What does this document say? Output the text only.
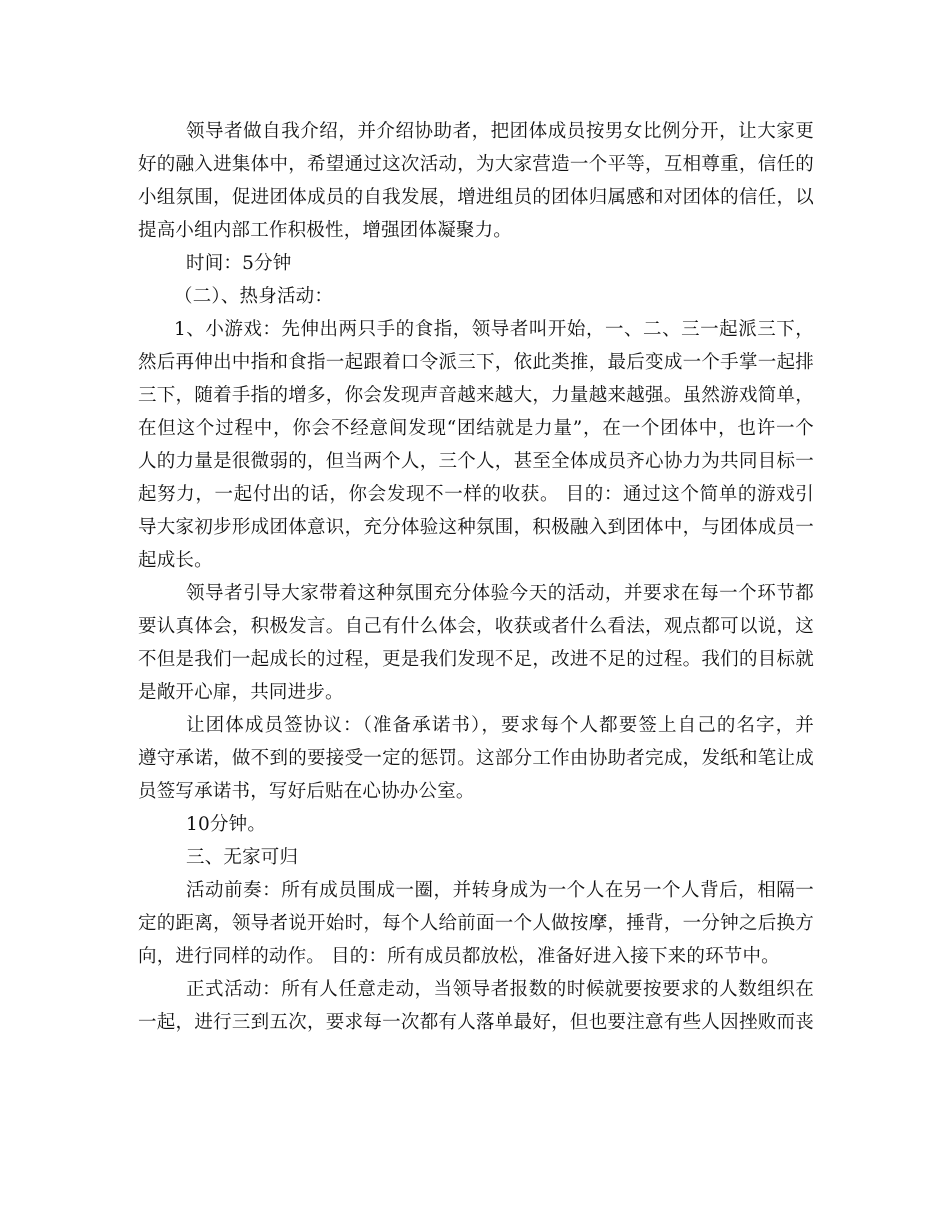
领导者做自我介绍，并介绍协助者，把团体成员按男女比例分开，让大家更
好的融入进集体中，希望通过这次活动，为大家营造一个平等，互相尊重，信任的
小组氛围，促进团体成员的自我发展，增进组员的团体归属感和对团体的信任，以
提高小组内部工作积极性，增强团体凝聚力。
时间：5分钟
（二）、热身活动：
1、小游戏：先伸出两只手的食指，领导者叫开始，一、二、三一起派三下，
然后再伸出中指和食指一起跟着口令派三下，依此类推，最后变成一个手掌一起排
三下，随着手指的增多，你会发现声音越来越大，力量越来越强。虽然游戏简单，
在但这个过程中，你会不经意间发现“团结就是力量”，在一个团体中，也许一个
人的力量是很微弱的，但当两个人，三个人，甚至全体成员齐心协力为共同目标一
起努力，一起付出的话，你会发现不一样的收获。 目的：通过这个简单的游戏引
导大家初步形成团体意识，充分体验这种氛围，积极融入到团体中，与团体成员一
起成长。
领导者引导大家带着这种氛围充分体验今天的活动，并要求在每一个环节都
要认真体会，积极发言。自己有什么体会，收获或者什么看法，观点都可以说，这
不但是我们一起成长的过程，更是我们发现不足，改进不足的过程。我们的目标就
是敞开心扉，共同进步。
让团体成员签协议：（准备承诺书），要求每个人都要签上自己的名字，并
遵守承诺，做不到的要接受一定的惩罚。这部分工作由协助者完成，发纸和笔让成
员签写承诺书，写好后贴在心协办公室。
10分钟。
三、无家可归
活动前奏：所有成员围成一圈，并转身成为一个人在另一个人背后，相隔一
定的距离，领导者说开始时，每个人给前面一个人做按摩，捶背，一分钟之后换方
向，进行同样的动作。 目的：所有成员都放松，准备好进入接下来的环节中。
正式活动：所有人任意走动，当领导者报数的时候就要按要求的人数组织在
一起，进行三到五次，要求每一次都有人落单最好，但也要注意有些人因挫败而丧
